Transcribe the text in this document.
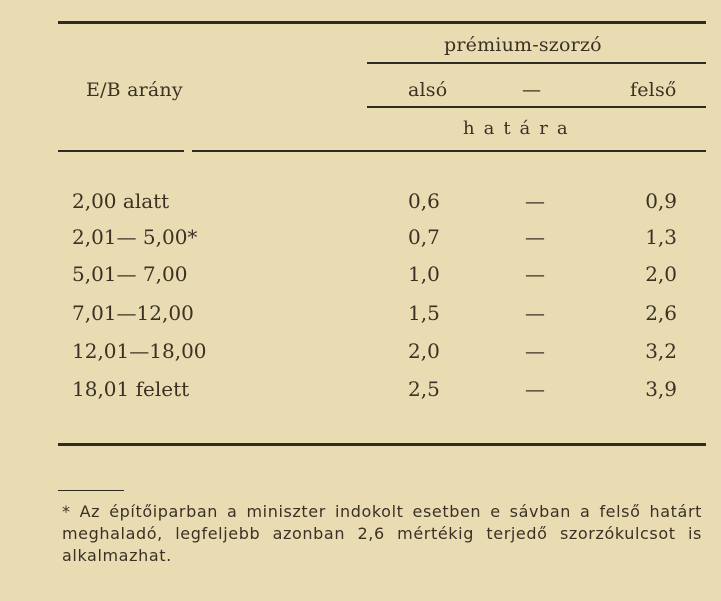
prémium-szorzó
E/B arány	alsó	—	felső
határa
2,00 alatt	0,6	—	0,9
2,01— 5,00*	0,7	—	1,3
5,01— 7,00	1,0	—	2,0
7,01—12,00	1,5	—	2,6
12,01—18,00	2,0	—	3,2
18,01 felett	2,5	—	3,9
* Az építőiparban a miniszter indokolt esetben e sávban a felső határt meghaladó, legfeljebb azonban 2,6 mértékig terjedő szorzókulcsot is alkalmazhat.
